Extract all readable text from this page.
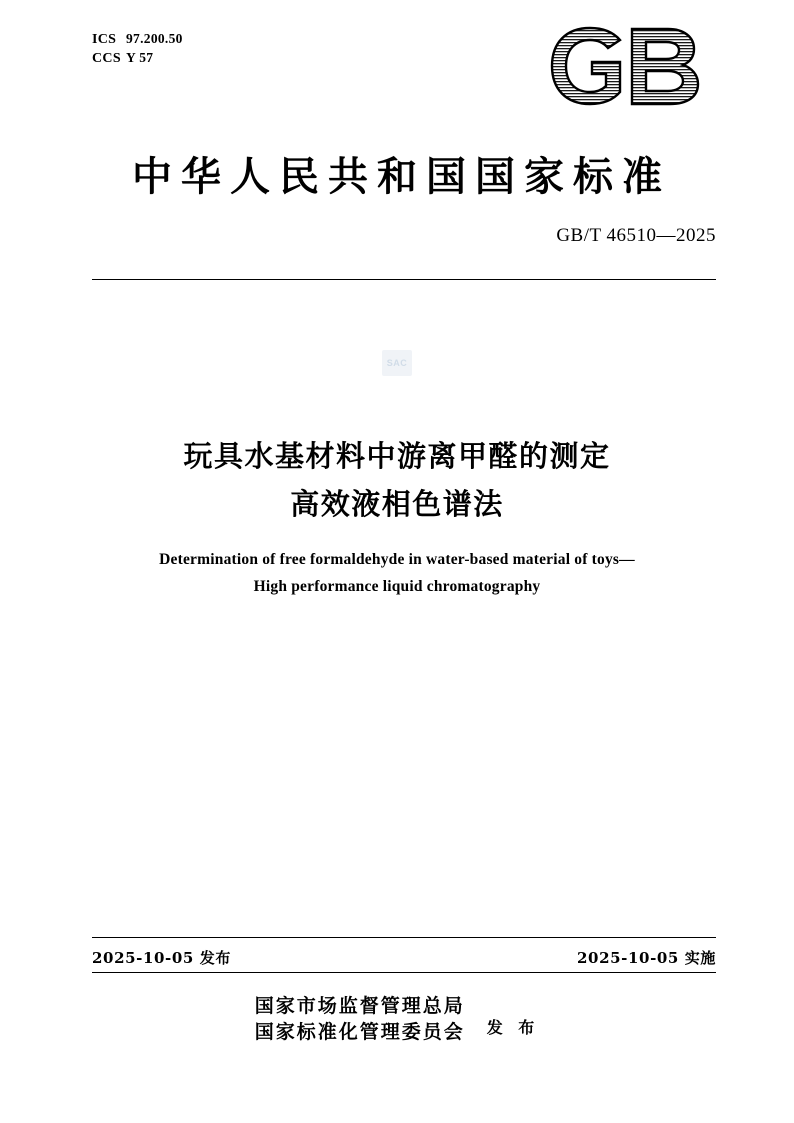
ICS 97.200.50
CCS Y 57
中华人民共和国国家标准
GB/T 46510—2025
SAC
玩具水基材料中游离甲醛的测定
高效液相色谱法
Determination of free formaldehyde in water-based material of toys—
High performance liquid chromatography
2025-10-05 发布	2025-10-05 实施
国家市场监督管理总局
国家标准化管理委员会 发 布
